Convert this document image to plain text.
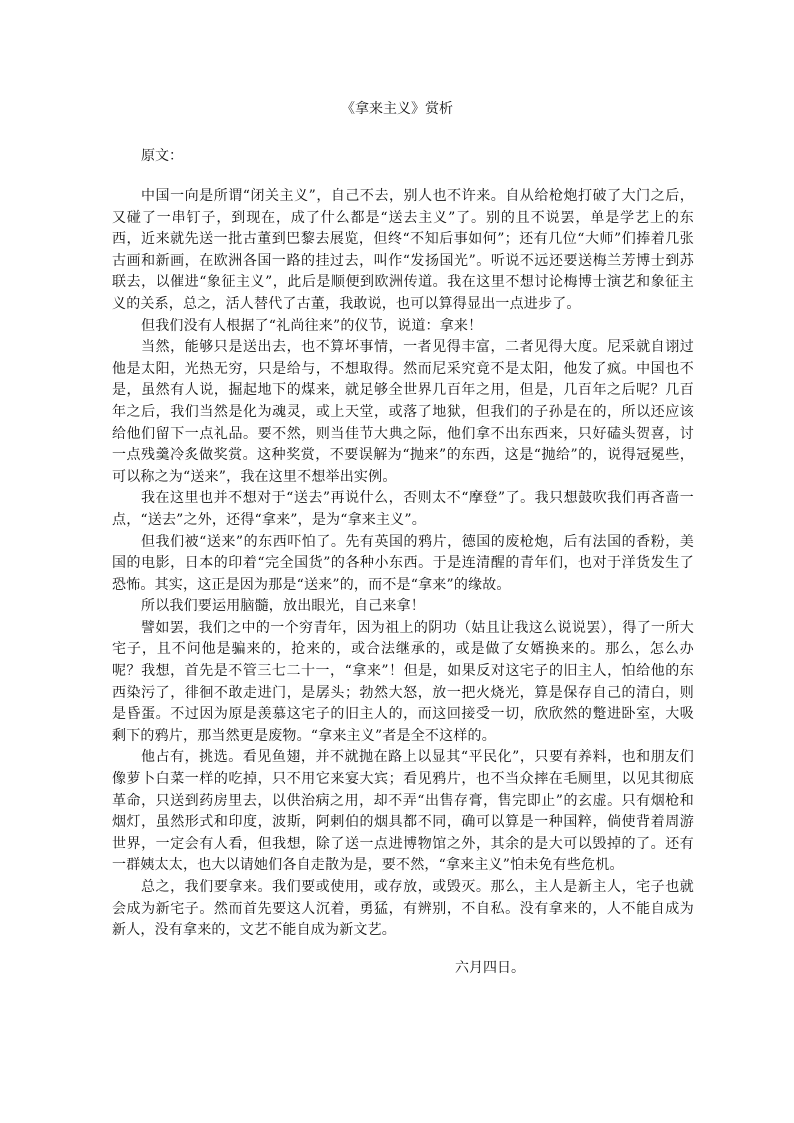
《拿来主义》赏析
原文：

中国一向是所谓“闭关主义”，自己不去，别人也不许来。自从给枪炮打破了大门之后，又碰了一串钉子，到现在，成了什么都是“送去主义”了。别的且不说罢，单是学艺上的东西，近来就先送一批古董到巴黎去展览，但终“不知后事如何”；还有几位“大师”们捧着几张古画和新画，在欧洲各国一路的挂过去，叫作“发扬国光”。听说不远还要送梅兰芳博士到苏联去，以催进“象征主义”，此后是顺便到欧洲传道。我在这里不想讨论梅博士演艺和象征主义的关系，总之，活人替代了古董，我敢说，也可以算得显出一点进步了。

但我们没有人根据了“礼尚往来”的仪节，说道：拿来！

当然，能够只是送出去，也不算坏事情，一者见得丰富，二者见得大度。尼采就自诩过他是太阳，光热无穷，只是给与，不想取得。然而尼采究竟不是太阳，他发了疯。中国也不是，虽然有人说，掘起地下的煤来，就足够全世界几百年之用，但是，几百年之后呢？几百年之后，我们当然是化为魂灵，或上天堂，或落了地狱，但我们的子孙是在的，所以还应该给他们留下一点礼品。要不然，则当佳节大典之际，他们拿不出东西来，只好磕头贺喜，讨一点残羹冷炙做奖赏。这种奖赏，不要误解为“抛来”的东西，这是“抛给”的，说得冠冕些，可以称之为“送来”，我在这里不想举出实例。

我在这里也并不想对于“送去”再说什么，否则太不“摩登”了。我只想鼓吹我们再吝啬一点，“送去”之外，还得“拿来”，是为“拿来主义”。

但我们被“送来”的东西吓怕了。先有英国的鸦片，德国的废枪炮，后有法国的香粉，美国的电影，日本的印着“完全国货”的各种小东西。于是连清醒的青年们，也对于洋货发生了恐怖。其实，这正是因为那是“送来”的，而不是“拿来”的缘故。

所以我们要运用脑髓，放出眼光，自己来拿！

譬如罢，我们之中的一个穷青年，因为祖上的阴功（姑且让我这么说说罢），得了一所大宅子，且不问他是骗来的，抢来的，或合法继承的，或是做了女婿换来的。那么，怎么办呢？我想，首先是不管三七二十一，“拿来”！但是，如果反对这宅子的旧主人，怕给他的东西染污了，徘徊不敢走进门，是孱头；勃然大怒，放一把火烧光，算是保存自己的清白，则是昏蛋。不过因为原是羡慕这宅子的旧主人的，而这回接受一切，欣欣然的蹩进卧室，大吸剩下的鸦片，那当然更是废物。“拿来主义”者是全不这样的。

他占有，挑选。看见鱼翅，并不就抛在路上以显其“平民化”，只要有养料，也和朋友们像萝卜白菜一样的吃掉，只不用它来宴大宾；看见鸦片，也不当众摔在毛厕里，以见其彻底革命，只送到药房里去，以供治病之用，却不弄“出售存膏，售完即止”的玄虚。只有烟枪和烟灯，虽然形式和印度，波斯，阿剌伯的烟具都不同，确可以算是一种国粹，倘使背着周游世界，一定会有人看，但我想，除了送一点进博物馆之外，其余的是大可以毁掉的了。还有一群姨太太，也大以请她们各自走散为是，要不然，“拿来主义”怕未免有些危机。

总之，我们要拿来。我们要或使用，或存放，或毁灭。那么，主人是新主人，宅子也就会成为新宅子。然而首先要这人沉着，勇猛，有辨别，不自私。没有拿来的，人不能自成为新人，没有拿来的，文艺不能自成为新文艺。

六月四日。
